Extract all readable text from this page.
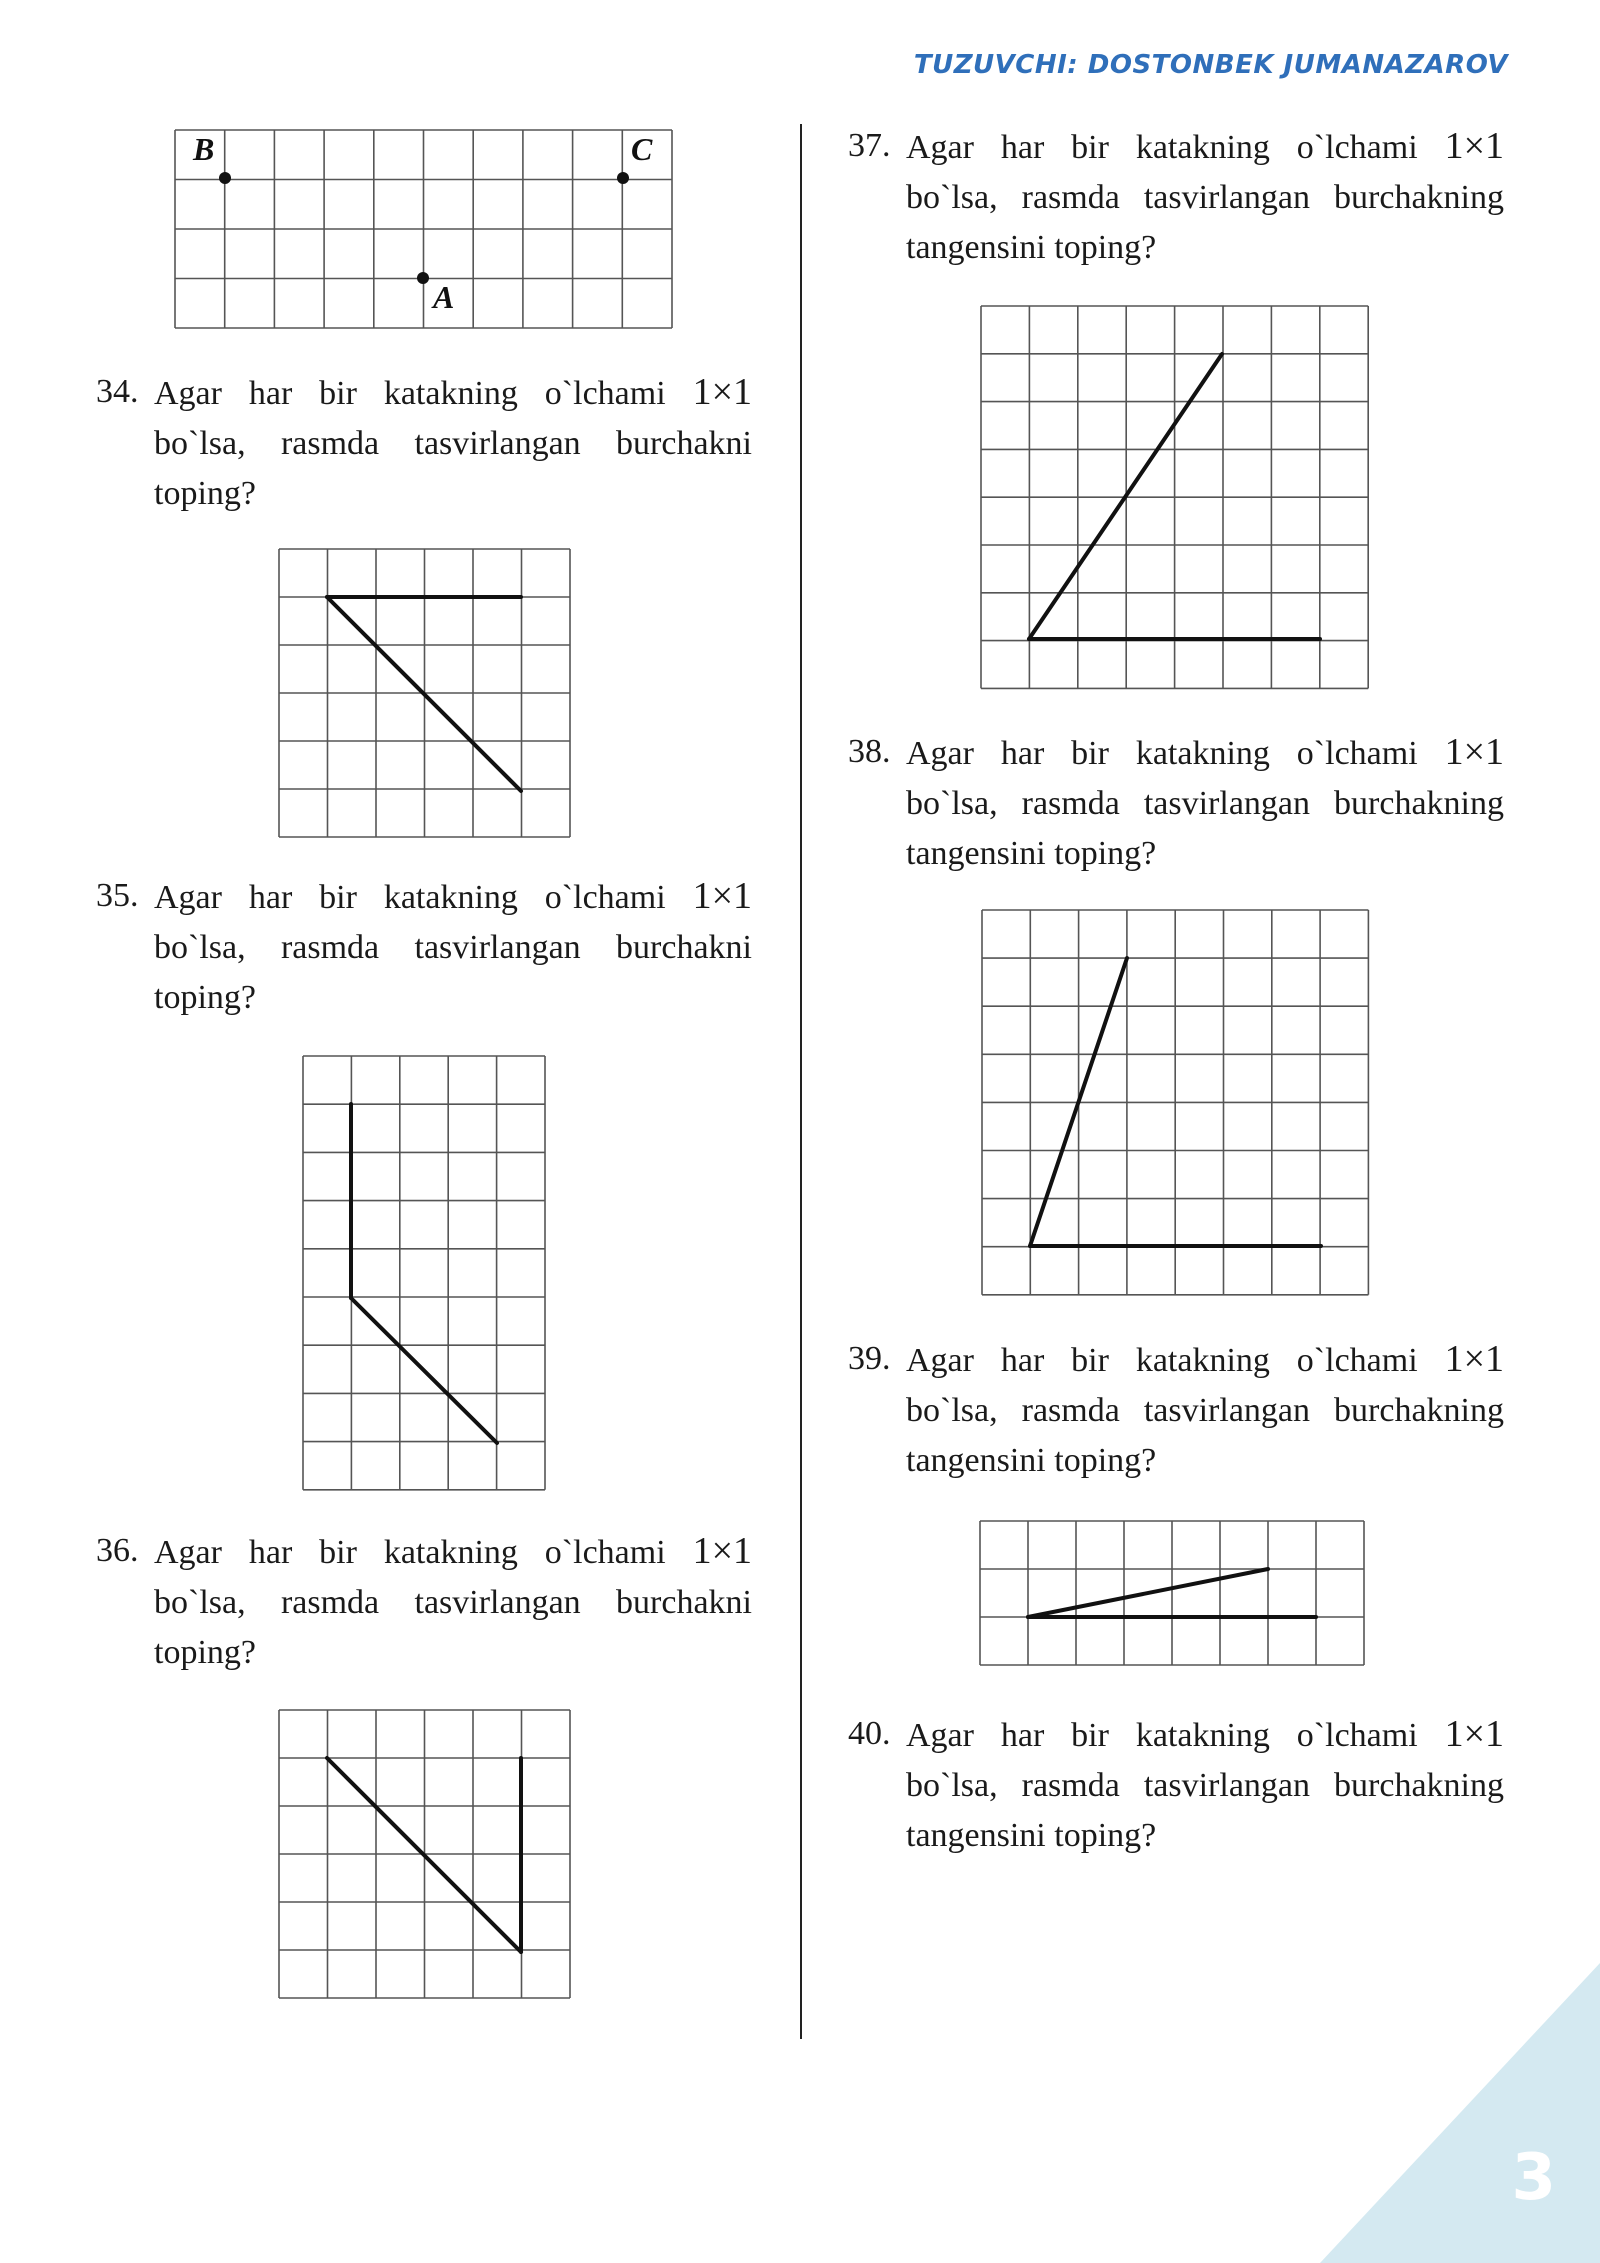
TUZUVCHI: DOSTONBEK JUMANAZAROV
B	C
A
34. Agar har bir katakning o`lchami 1×1 bo`lsa, rasmda tasvirlangan burchakni toping?
35. Agar har bir katakning o`lchami 1×1 bo`lsa, rasmda tasvirlangan burchakni toping?
36. Agar har bir katakning o`lchami 1×1 bo`lsa, rasmda tasvirlangan burchakni toping?
37. Agar har bir katakning o`lchami 1×1 bo`lsa, rasmda tasvirlangan burchakning tangensini toping?
38. Agar har bir katakning o`lchami 1×1 bo`lsa, rasmda tasvirlangan burchakning tangensini toping?
39. Agar har bir katakning o`lchami 1×1 bo`lsa, rasmda tasvirlangan burchakning tangensini toping?
40. Agar har bir katakning o`lchami 1×1 bo`lsa, rasmda tasvirlangan burchakning tangensini toping?
3
